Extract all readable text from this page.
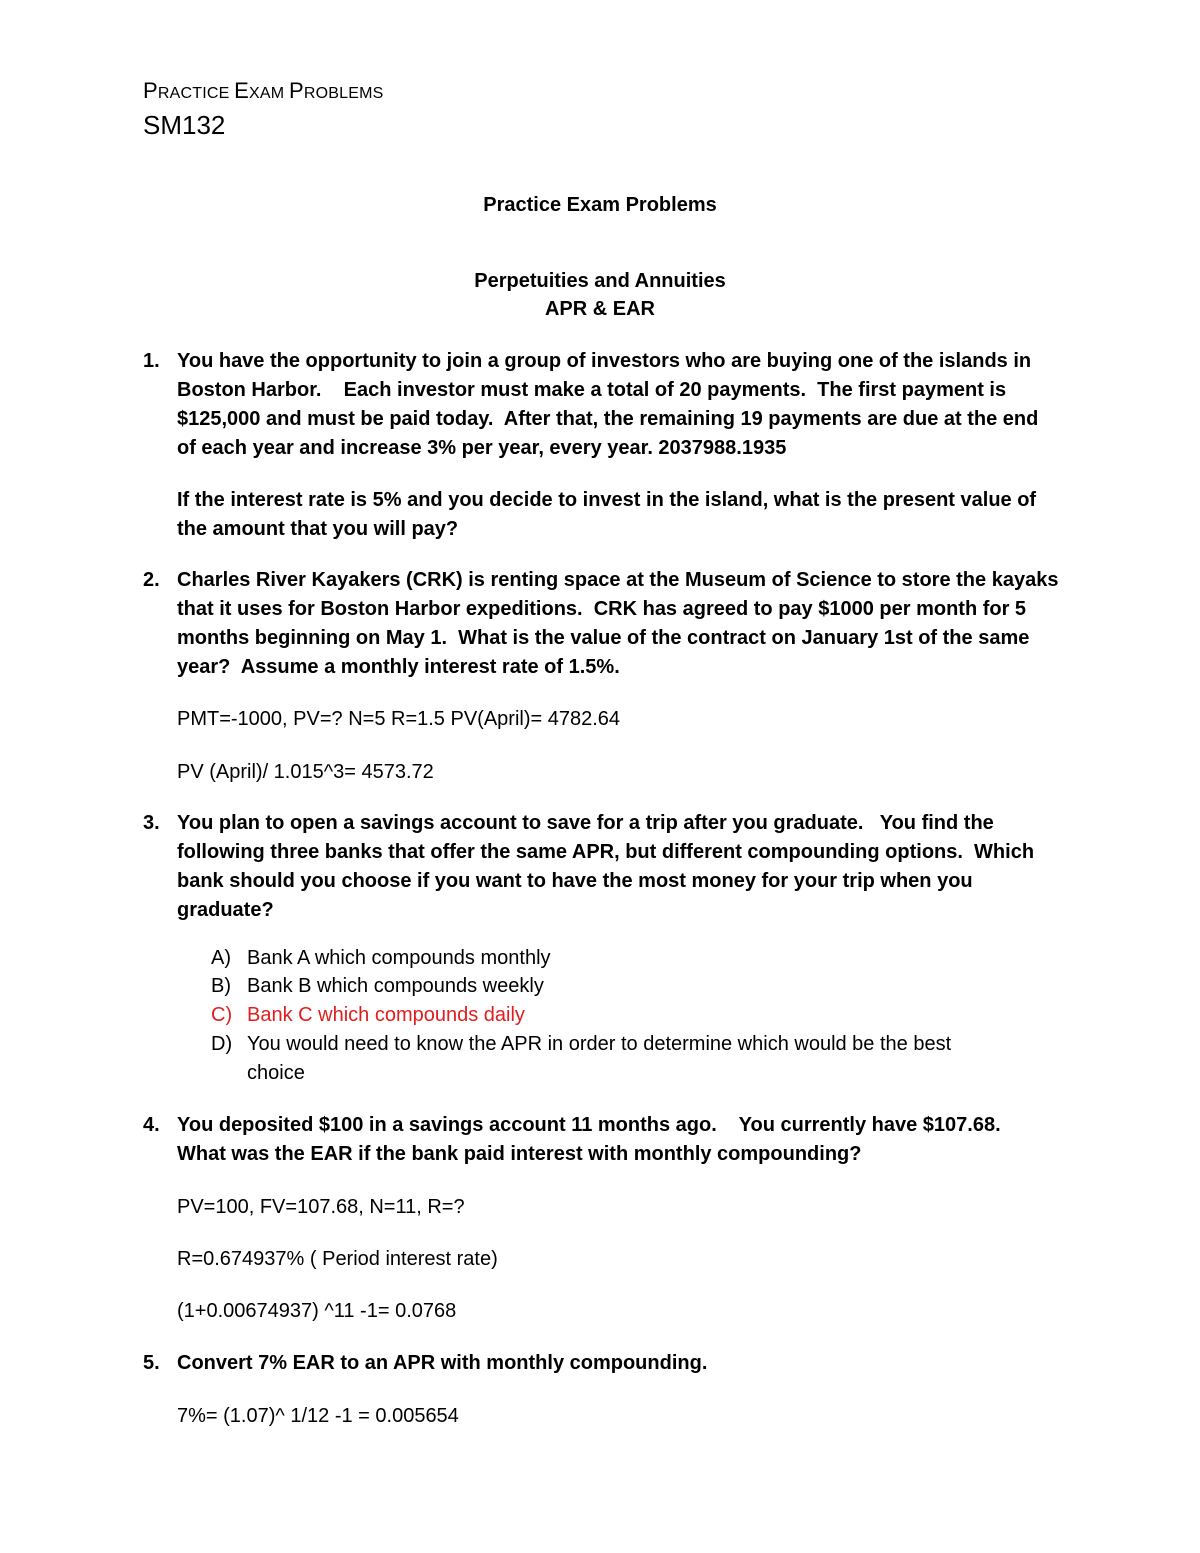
PRACTICE EXAM PROBLEMS
SM132
Practice Exam Problems
Perpetuities and Annuities
APR & EAR
1. You have the opportunity to join a group of investors who are buying one of the islands in
Boston Harbor.    Each investor must make a total of 20 payments.  The first payment is
$125,000 and must be paid today.  After that, the remaining 19 payments are due at the end
of each year and increase 3% per year, every year. 2037988.1935
If the interest rate is 5% and you decide to invest in the island, what is the present value of
the amount that you will pay?
2. Charles River Kayakers (CRK) is renting space at the Museum of Science to store the kayaks
that it uses for Boston Harbor expeditions.  CRK has agreed to pay $1000 per month for 5
months beginning on May 1.  What is the value of the contract on January 1st of the same
year?  Assume a monthly interest rate of 1.5%.
PMT=-1000, PV=? N=5 R=1.5 PV(April)= 4782.64
PV (April)/ 1.015^3= 4573.72
3. You plan to open a savings account to save for a trip after you graduate.   You find the
following three banks that offer the same APR, but different compounding options.  Which
bank should you choose if you want to have the most money for your trip when you
graduate?
A) Bank A which compounds monthly
B) Bank B which compounds weekly
C) Bank C which compounds daily
D) You would need to know the APR in order to determine which would be the best
choice
4. You deposited $100 in a savings account 11 months ago.    You currently have $107.68.
What was the EAR if the bank paid interest with monthly compounding?
PV=100, FV=107.68, N=11, R=?
R=0.674937% ( Period interest rate)
(1+0.00674937) ^11 -1= 0.0768
5. Convert 7% EAR to an APR with monthly compounding.
7%= (1.07)^ 1/12 -1 = 0.005654
